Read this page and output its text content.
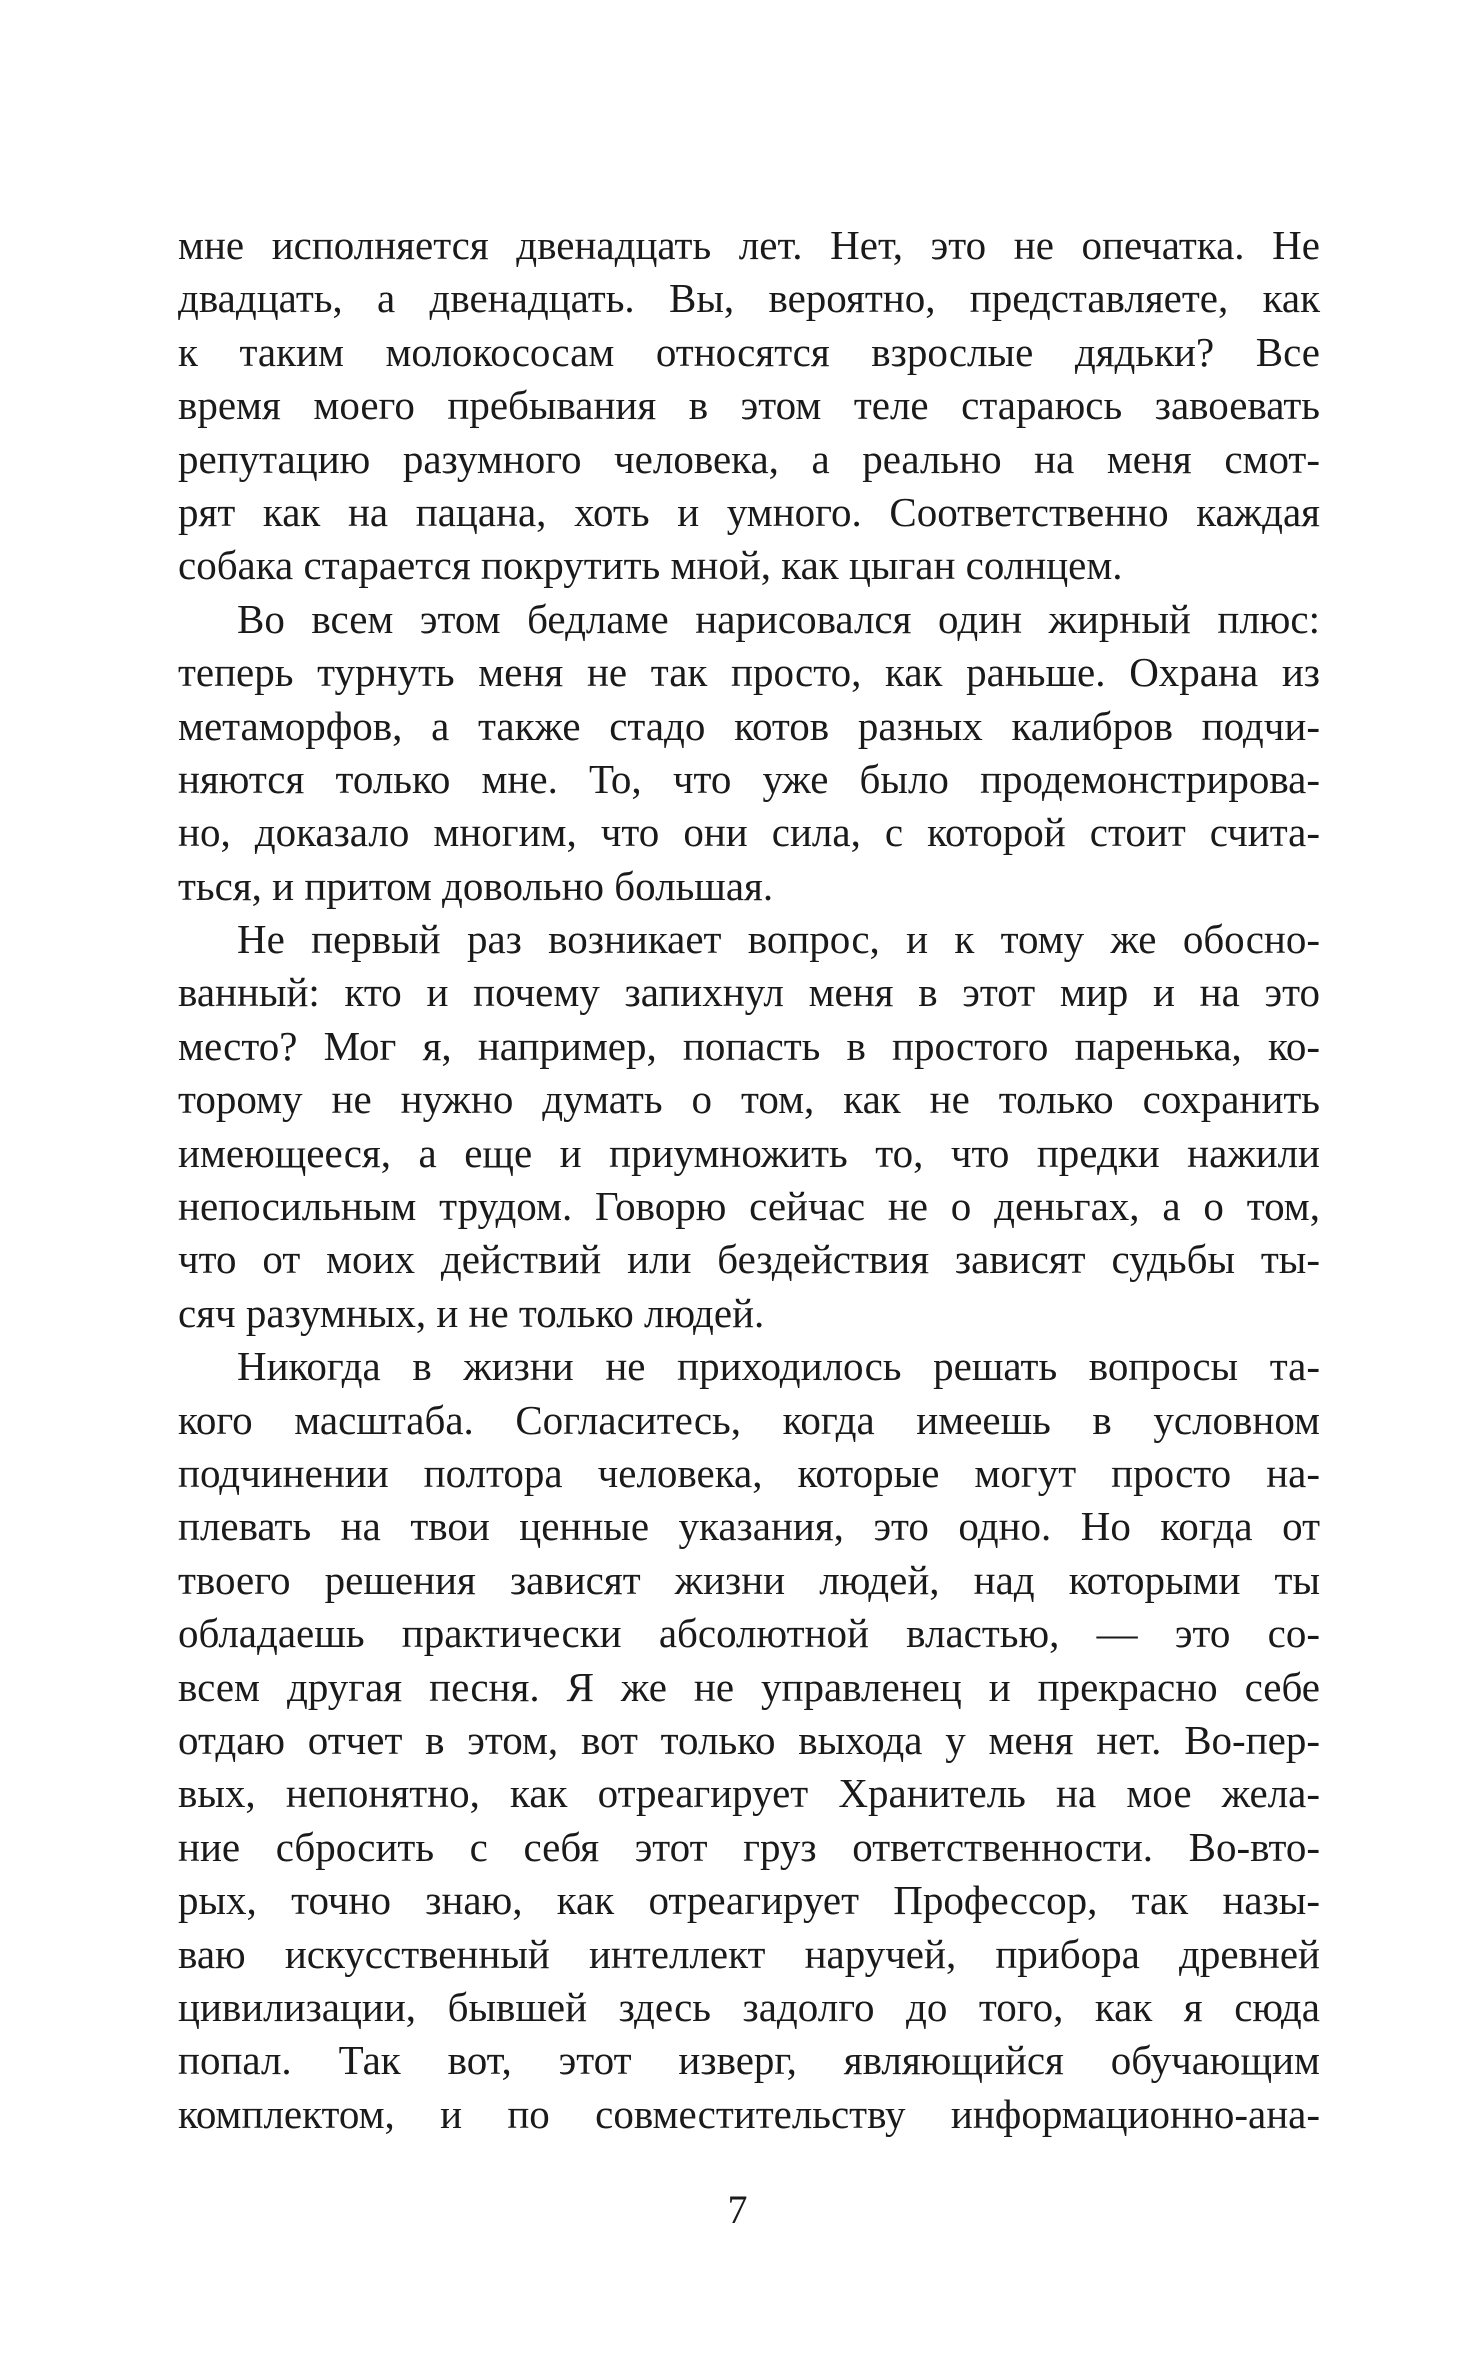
мне исполняется двенадцать лет. Нет, это не опечатка. Не
двадцать, а двенадцать. Вы, вероятно, представляете, как
к таким молокососам относятся взрослые дядьки? Все
время моего пребывания в этом теле стараюсь завоевать
репутацию разумного человека, а реально на меня смот-
рят как на пацана, хоть и умного. Соответственно каждая
собака старается покрутить мной, как цыган солнцем.
Во всем этом бедламе нарисовался один жирный плюс:
теперь турнуть меня не так просто, как раньше. Охрана из
метаморфов, а также стадо котов разных калибров подчи-
няются только мне. То, что уже было продемонстрирова-
но, доказало многим, что они сила, с которой стоит счита-
ться, и притом довольно большая.
Не первый раз возникает вопрос, и к тому же обосно-
ванный: кто и почему запихнул меня в этот мир и на это
место? Мог я, например, попасть в простого паренька, ко-
торому не нужно думать о том, как не только сохранить
имеющееся, а еще и приумножить то, что предки нажили
непосильным трудом. Говорю сейчас не о деньгах, а о том,
что от моих действий или бездействия зависят судьбы ты-
сяч разумных, и не только людей.
Никогда в жизни не приходилось решать вопросы та-
кого масштаба. Согласитесь, когда имеешь в условном
подчинении полтора человека, которые могут просто на-
плевать на твои ценные указания, это одно. Но когда от
твоего решения зависят жизни людей, над которыми ты
обладаешь практически абсолютной властью, — это со-
всем другая песня. Я же не управленец и прекрасно себе
отдаю отчет в этом, вот только выхода у меня нет. Во-пер-
вых, непонятно, как отреагирует Хранитель на мое жела-
ние сбросить с себя этот груз ответственности. Во-вто-
рых, точно знаю, как отреагирует Профессор, так назы-
ваю искусственный интеллект наручей, прибора древней
цивилизации, бывшей здесь задолго до того, как я сюда
попал. Так вот, этот изверг, являющийся обучающим
комплектом, и по совместительству информационно-ана-
7
